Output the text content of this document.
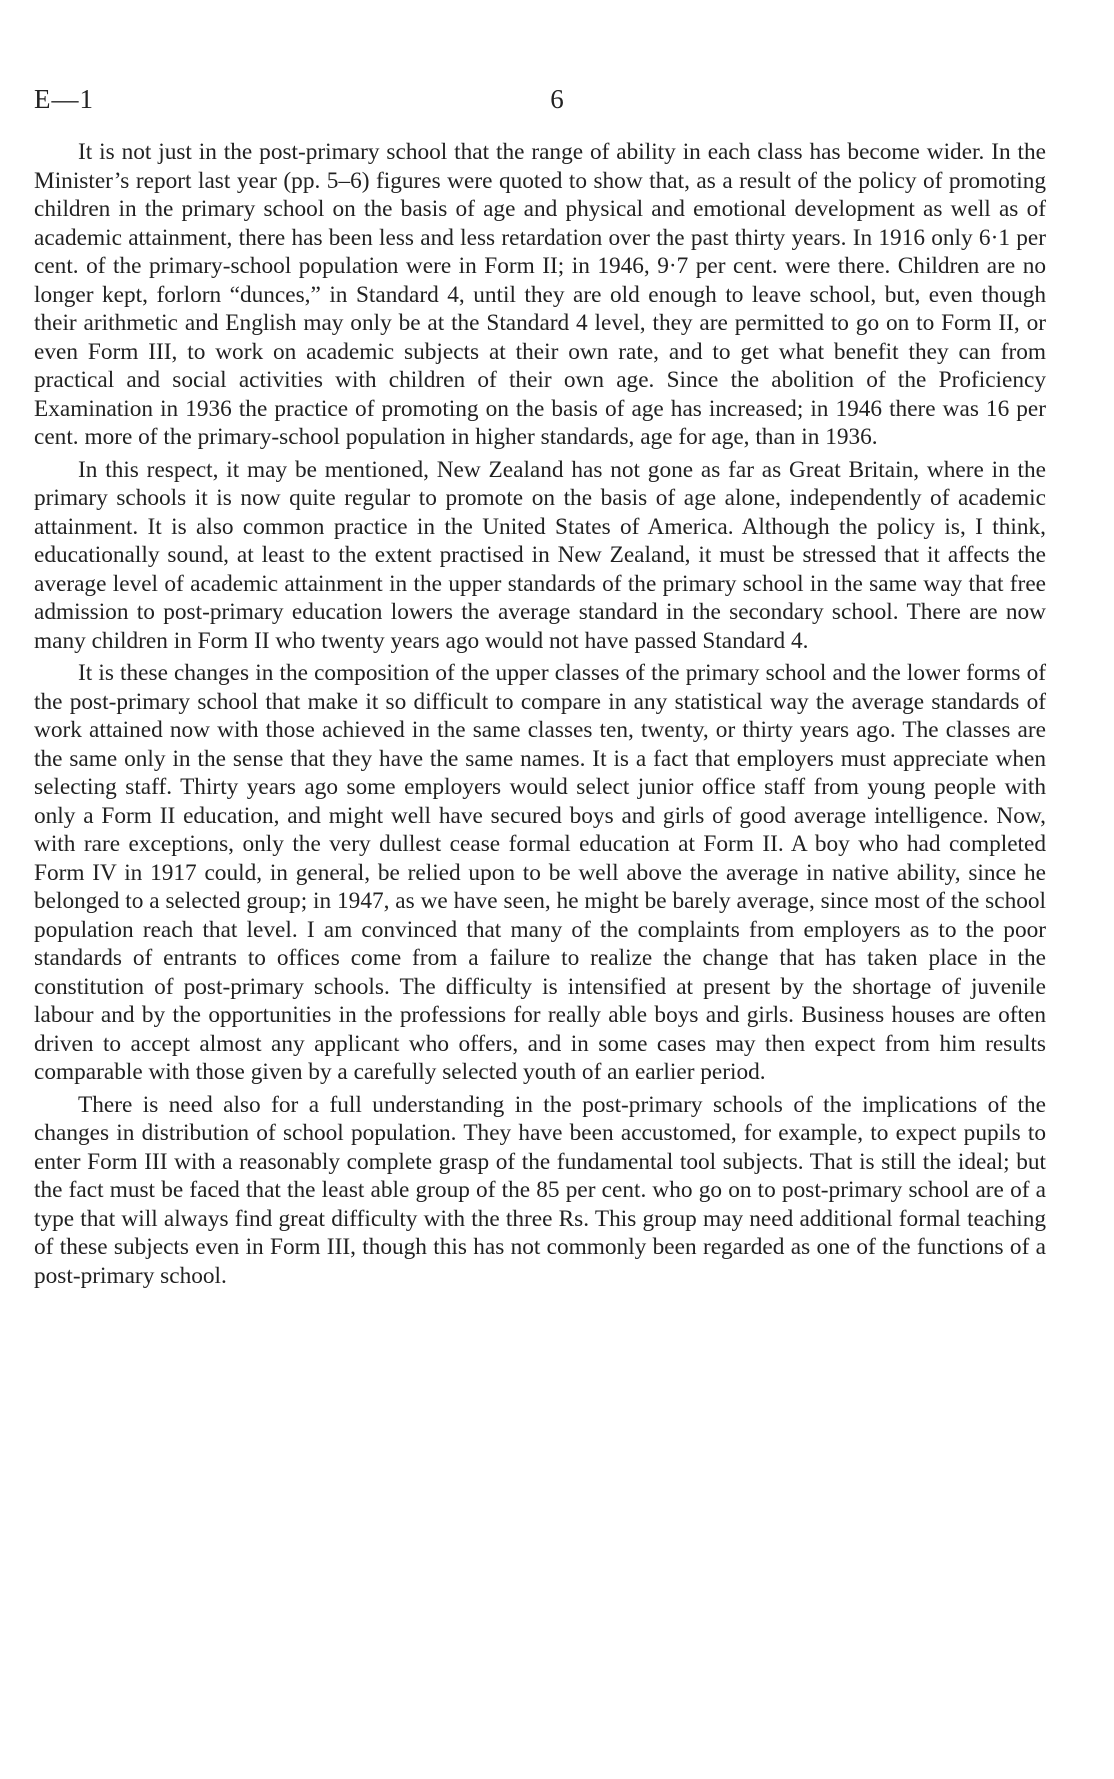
E—1	6

It is not just in the post-primary school that the range of ability in each class has become wider. In the Minister’s report last year (pp. 5–6) figures were quoted to show that, as a result of the policy of promoting children in the primary school on the basis of age and physical and emotional development as well as of academic attainment, there has been less and less retardation over the past thirty years. In 1916 only 6·1 per cent. of the primary-school population were in Form II; in 1946, 9·7 per cent. were there. Children are no longer kept, forlorn “dunces,” in Standard 4, until they are old enough to leave school, but, even though their arithmetic and English may only be at the Standard 4 level, they are permitted to go on to Form II, or even Form III, to work on academic subjects at their own rate, and to get what benefit they can from practical and social activities with children of their own age. Since the abolition of the Proficiency Examination in 1936 the practice of promoting on the basis of age has increased; in 1946 there was 16 per cent. more of the primary-school population in higher standards, age for age, than in 1936.

In this respect, it may be mentioned, New Zealand has not gone as far as Great Britain, where in the primary schools it is now quite regular to promote on the basis of age alone, independently of academic attainment. It is also common practice in the United States of America. Although the policy is, I think, educationally sound, at least to the extent practised in New Zealand, it must be stressed that it affects the average level of academic attainment in the upper standards of the primary school in the same way that free admission to post-primary education lowers the average standard in the secondary school. There are now many children in Form II who twenty years ago would not have passed Standard 4.

It is these changes in the composition of the upper classes of the primary school and the lower forms of the post-primary school that make it so difficult to compare in any statistical way the average standards of work attained now with those achieved in the same classes ten, twenty, or thirty years ago. The classes are the same only in the sense that they have the same names. It is a fact that employers must appreciate when selecting staff. Thirty years ago some employers would select junior office staff from young people with only a Form II education, and might well have secured boys and girls of good average intelligence. Now, with rare exceptions, only the very dullest cease formal education at Form II. A boy who had completed Form IV in 1917 could, in general, be relied upon to be well above the average in native ability, since he belonged to a selected group; in 1947, as we have seen, he might be barely average, since most of the school population reach that level. I am convinced that many of the complaints from employers as to the poor standards of entrants to offices come from a failure to realize the change that has taken place in the constitution of post-primary schools. The difficulty is intensified at present by the shortage of juvenile labour and by the opportunities in the professions for really able boys and girls. Business houses are often driven to accept almost any applicant who offers, and in some cases may then expect from him results comparable with those given by a carefully selected youth of an earlier period.

There is need also for a full understanding in the post-primary schools of the implications of the changes in distribution of school population. They have been accustomed, for example, to expect pupils to enter Form III with a reasonably complete grasp of the fundamental tool subjects. That is still the ideal; but the fact must be faced that the least able group of the 85 per cent. who go on to post-primary school are of a type that will always find great difficulty with the three Rs. This group may need additional formal teaching of these subjects even in Form III, though this has not commonly been regarded as one of the functions of a post-primary school.
